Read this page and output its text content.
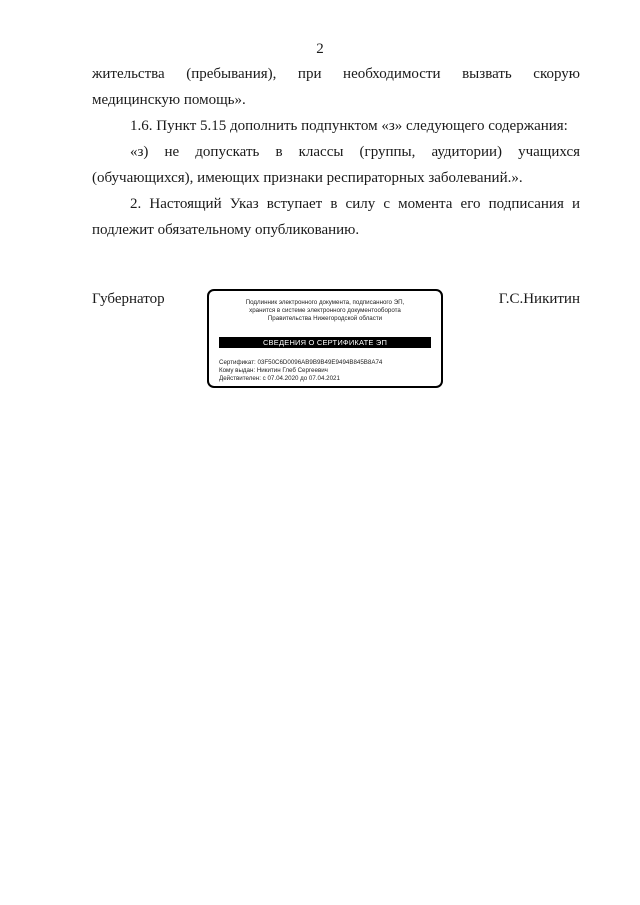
2
жительства (пребывания), при необходимости вызвать скорую
медицинскую помощь».
1.6. Пункт 5.15 дополнить подпунктом «з» следующего содержания:
«з) не допускать в классы (группы, аудитории) учащихся
(обучающихся), имеющих признаки респираторных заболеваний.».
2. Настоящий Указ вступает в силу с момента его подписания и
подлежит обязательному опубликованию.
Губернатор	Подлинник электронного документа, подписанного ЭП,
хранится в системе электронного документооборота
Правительства Нижегородской области
СВЕДЕНИЯ О СЕРТИФИКАТЕ ЭП
Сертификат: 03F50C6D0096AB9B9B49E9494B845B8A74
Кому выдан: Никитин Глеб Сергеевич
Действителен: с 07.04.2020 до 07.04.2021
Г.С.Никитин
